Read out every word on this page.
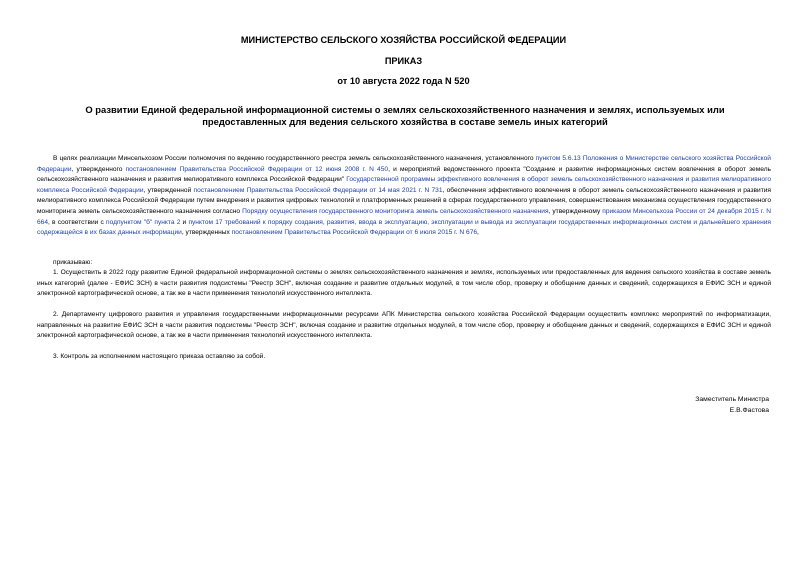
МИНИСТЕРСТВО СЕЛЬСКОГО ХОЗЯЙСТВА РОССИЙСКОЙ ФЕДЕРАЦИИ
ПРИКАЗ
от 10 августа 2022 года N 520
О развитии Единой федеральной информационной системы о землях сельскохозяйственного назначения и землях, используемых или предоставленных для ведения сельского хозяйства в составе земель иных категорий

В целях реализации Минсельхозом России полномочия по ведению государственного реестра земель сельскохозяйственного назначения, установленного пунктом 5.6.13 Положения о Министерстве сельского хозяйства Российской Федерации, утвержденного постановлением Правительства Российской Федерации от 12 июня 2008 г. N 450, и мероприятий ведомственного проекта "Создание и развитие информационных систем вовлечения в оборот земель сельскохозяйственного назначения и развития мелиоративного комплекса Российской Федерации" Государственной программы эффективного вовлечения в оборот земель сельскохозяйственного назначения и развития мелиоративного комплекса Российской Федерации, утвержденной постановлением Правительства Российской Федерации от 14 мая 2021 г. N 731, обеспечения эффективного вовлечения в оборот земель сельскохозяйственного назначения и развития мелиоративного комплекса Российской Федерации путем внедрения и развития цифровых технологий и платформенных решений в сферах государственного управления, совершенствования механизма осуществления государственного мониторинга земель сельскохозяйственного назначения согласно Порядку осуществления государственного мониторинга земель сельскохозяйственного назначения, утвержденному приказом Минсельхоза России от 24 декабря 2015 г. N 664, в соответствии с подпунктом "б" пункта 2 и пунктом 17 требований к порядку создания, развития, ввода в эксплуатацию, эксплуатации и вывода из эксплуатации государственных информационных систем и дальнейшего хранения содержащейся в их базах данных информации, утвержденных постановлением Правительства Российской Федерации от 6 июля 2015 г. N 676,

приказываю:

1. Осуществить в 2022 году развитие Единой федеральной информационной системы о землях сельскохозяйственного назначения и землях, используемых или предоставленных для ведения сельского хозяйства в составе земель иных категорий (далее - ЕФИС ЗСН) в части развития подсистемы "Реестр ЗСН", включая создание и развитие отдельных модулей, в том числе сбор, проверку и обобщение данных и сведений, содержащихся в ЕФИС ЗСН и единой электронной картографической основе, а так же в части применения технологий искусственного интеллекта.

2. Департаменту цифрового развития и управления государственными информационными ресурсами АПК Министерства сельского хозяйства Российской Федерации осуществить комплекс мероприятий по информатизации, направленных на развитие ЕФИС ЗСН в части развития подсистемы "Реестр ЗСН", включая создание и развитие отдельных модулей, в том числе сбор, проверку и обобщение данных и сведений, содержащихся в ЕФИС ЗСН и единой электронной картографической основе, а так же в части применения технологий искусственного интеллекта.

3. Контроль за исполнением настоящего приказа оставляю за собой.

Заместитель Министра
Е.В.Фастова
